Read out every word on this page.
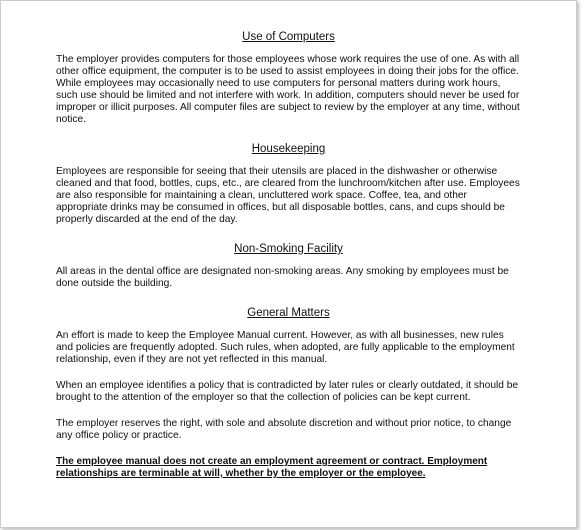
Use of Computers
The employer provides computers for those employees whose work requires the use of one. As with all other office equipment, the computer is to be used to assist employees in doing their jobs for the office. While employees may occasionally need to use computers for personal matters during work hours, such use should be limited and not interfere with work. In addition, computers should never be used for improper or illicit purposes. All computer files are subject to review by the employer at any time, without notice.
Housekeeping
Employees are responsible for seeing that their utensils are placed in the dishwasher or otherwise cleaned and that food, bottles, cups, etc., are cleared from the lunchroom/kitchen after use. Employees are also responsible for maintaining a clean, uncluttered work space. Coffee, tea, and other appropriate drinks may be consumed in offices, but all disposable bottles, cans, and cups should be properly discarded at the end of the day.
Non-Smoking Facility
All areas in the dental office are designated non-smoking areas. Any smoking by employees must be done outside the building.
General Matters
An effort is made to keep the Employee Manual current. However, as with all businesses, new rules and policies are frequently adopted. Such rules, when adopted, are fully applicable to the employment relationship, even if they are not yet reflected in this manual.
When an employee identifies a policy that is contradicted by later rules or clearly outdated, it should be brought to the attention of the employer so that the collection of policies can be kept current.
The employer reserves the right, with sole and absolute discretion and without prior notice, to change any office policy or practice.
The employee manual does not create an employment agreement or contract. Employment relationships are terminable at will, whether by the employer or the employee.
